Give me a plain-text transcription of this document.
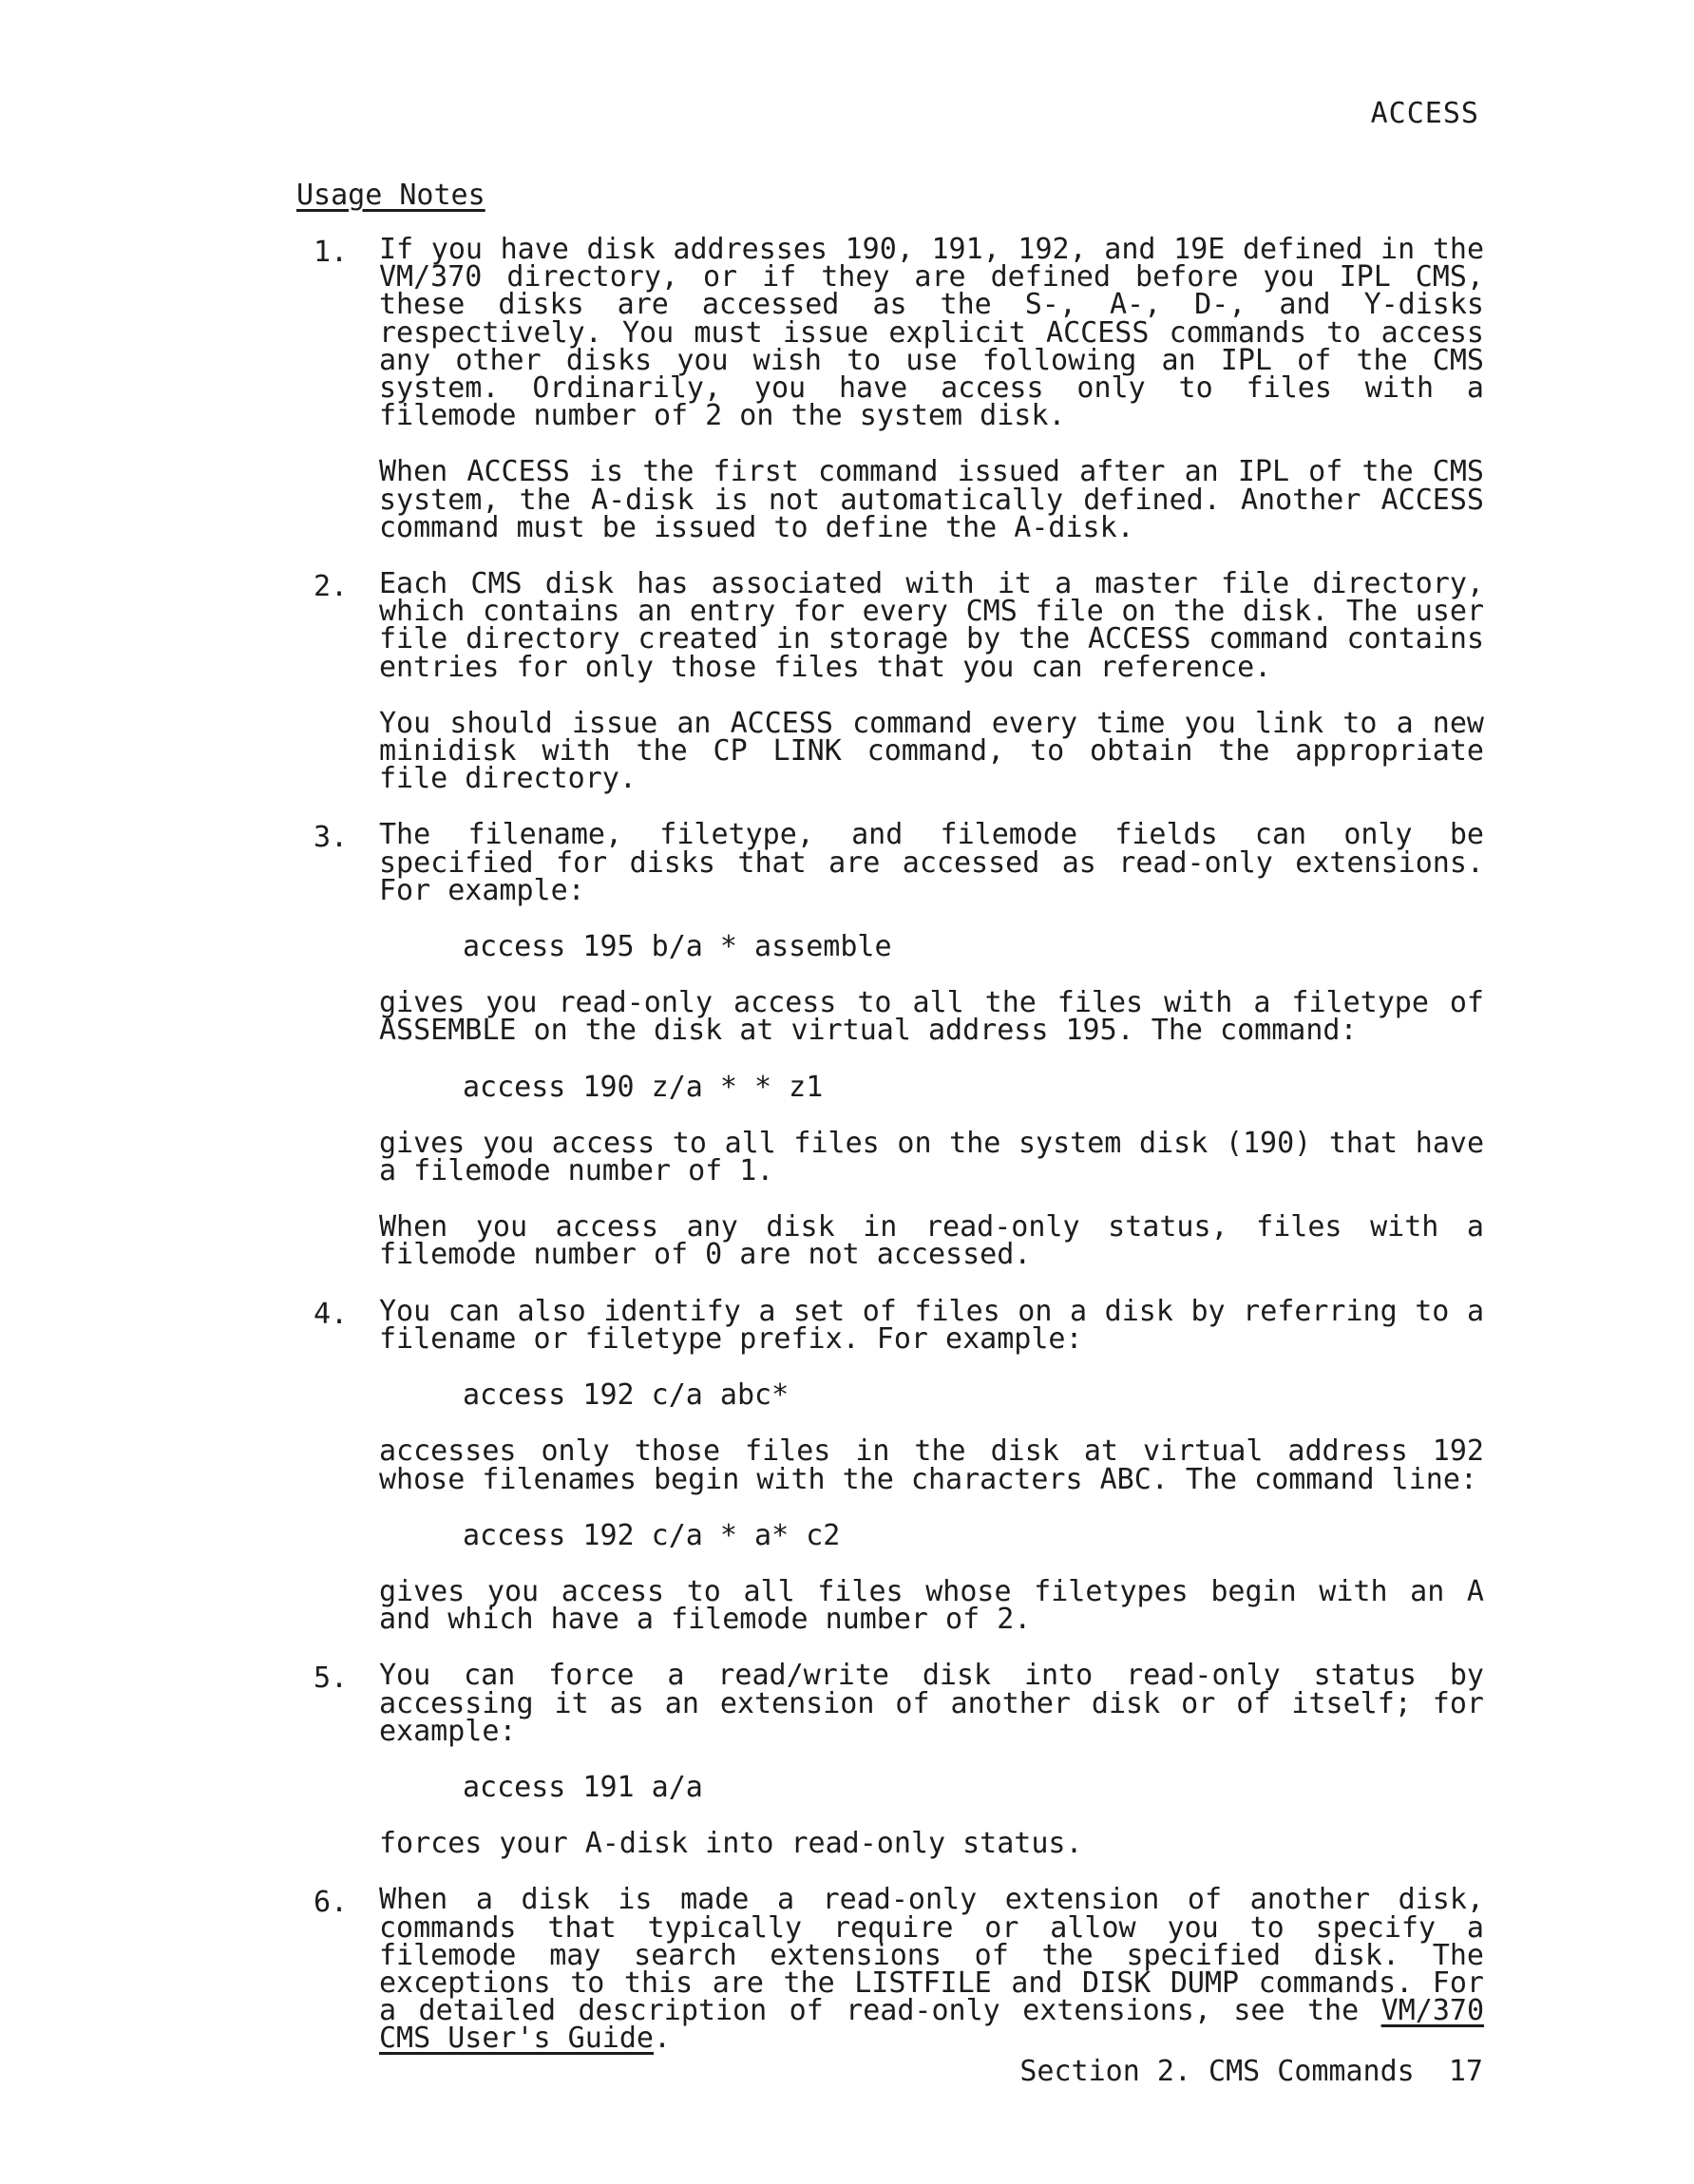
ACCESS
Usage Notes
1. If you have disk addresses 190, 191, 192, and 19E defined in the VM/370 directory, or if they are defined before you IPL CMS, these disks are accessed as the S-, A-, D-, and Y-disks respectively. You must issue explicit ACCESS commands to access any other disks you wish to use following an IPL of the CMS system. Ordinarily, you have access only to files with a filemode number of 2 on the system disk.

When ACCESS is the first command issued after an IPL of the CMS system, the A-disk is not automatically defined. Another ACCESS command must be issued to define the A-disk.

2. Each CMS disk has associated with it a master file directory, which contains an entry for every CMS file on the disk. The user file directory created in storage by the ACCESS command contains entries for only those files that you can reference.

You should issue an ACCESS command every time you link to a new minidisk with the CP LINK command, to obtain the appropriate file directory.

3. The filename, filetype, and filemode fields can only be specified for disks that are accessed as read-only extensions. For example:

access 195 b/a * assemble

gives you read-only access to all the files with a filetype of ASSEMBLE on the disk at virtual address 195. The command:

access 190 z/a * * z1

gives you access to all files on the system disk (190) that have a filemode number of 1.

When you access any disk in read-only status, files with a filemode number of 0 are not accessed.

4. You can also identify a set of files on a disk by referring to a filename or filetype prefix. For example:

access 192 c/a abc*

accesses only those files in the disk at virtual address 192 whose filenames begin with the characters ABC. The command line:

access 192 c/a * a* c2

gives you access to all files whose filetypes begin with an A and which have a filemode number of 2.

5. You can force a read/write disk into read-only status by accessing it as an extension of another disk or of itself; for example:

access 191 a/a

forces your A-disk into read-only status.

6. When a disk is made a read-only extension of another disk, commands that typically require or allow you to specify a filemode may search extensions of the specified disk. The exceptions to this are the LISTFILE and DISK DUMP commands. For a detailed description of read-only extensions, see the VM/370 CMS User's Guide.

Section 2. CMS Commands  17
